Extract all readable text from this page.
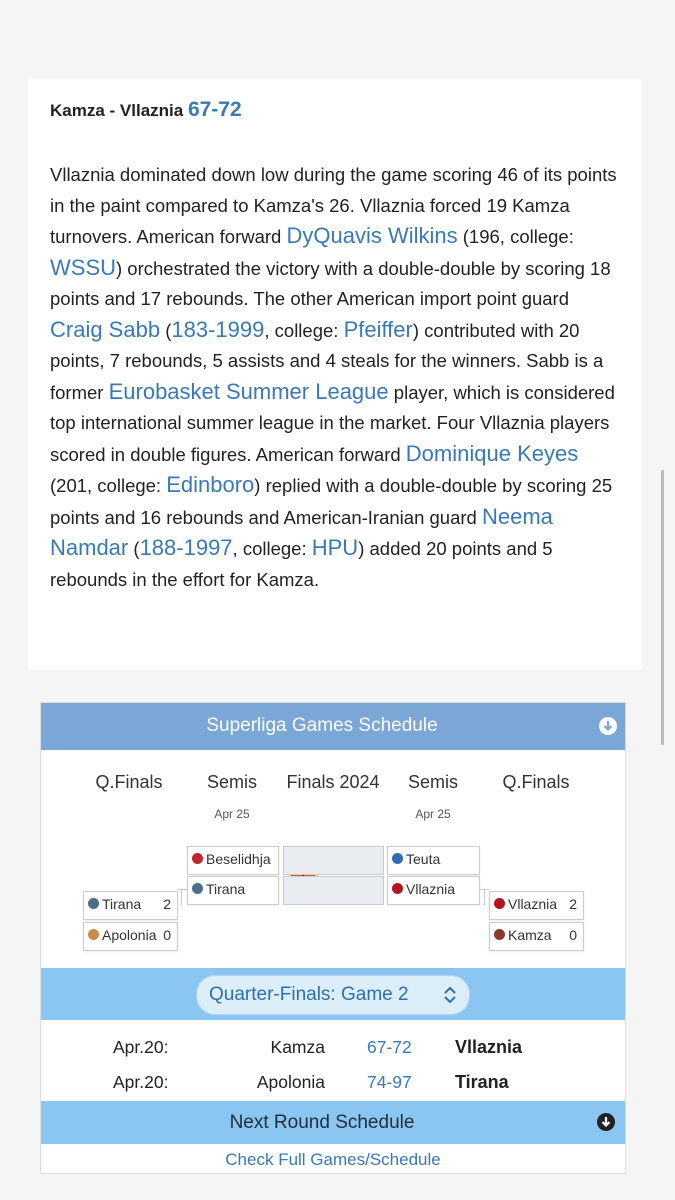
Kamza - Vllaznia 67-72
Vllaznia dominated down low during the game scoring 46 of its points in the paint compared to Kamza's 26. Vllaznia forced 19 Kamza turnovers. American forward DyQuavis Wilkins (196, college: WSSU) orchestrated the victory with a double-double by scoring 18 points and 17 rebounds. The other American import point guard Craig Sabb (183-1999, college: Pfeiffer) contributed with 20 points, 7 rebounds, 5 assists and 4 steals for the winners. Sabb is a former Eurobasket Summer League player, which is considered top international summer league in the market. Four Vllaznia players scored in double figures. American forward Dominique Keyes (201, college: Edinboro) replied with a double-double by scoring 25 points and 16 rebounds and American-Iranian guard Neema Namdar (188-1997, college: HPU) added 20 points and 5 rebounds in the effort for Kamza.
Superliga Games Schedule
Q.Finals	Semis
Apr 25
Finals 2024	Semis
Apr 25
Q.Finals
Beselidhja
Tirana
Teuta
Vllaznia
Tirana 2
Apolonia 0
Vllaznia 2
Kamza 0
Quarter-Finals: Game 2
Apr.20:	Kamza 67-72 Vllaznia
Apr.20:	Apolonia 74-97 Tirana
Next Round Schedule
Check Full Games/Schedule
